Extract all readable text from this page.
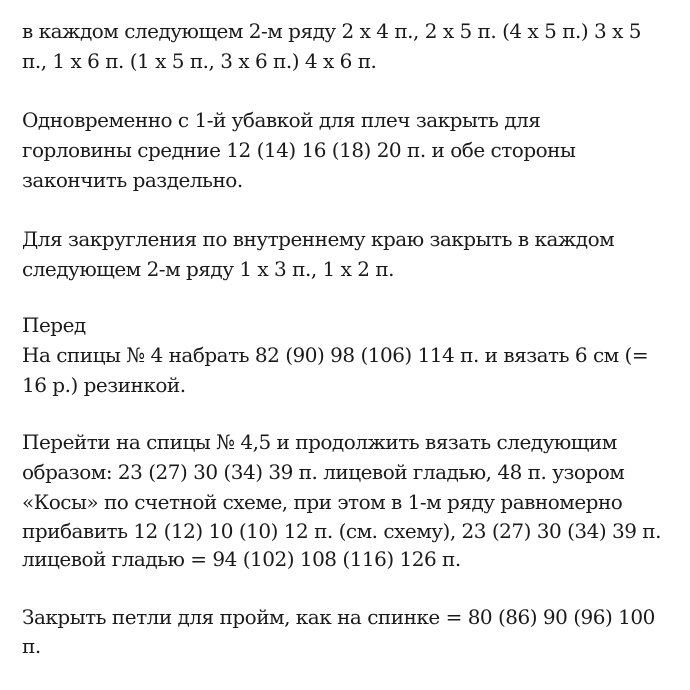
в каждом следующем 2-м ряду 2 х 4 п., 2 х 5 п. (4 х 5 п.) 3 х 5
п., 1 х 6 п. (1 х 5 п., 3 х 6 п.) 4 х 6 п.
Одновременно с 1-й убавкой для плеч закрыть для
горловины средние 12 (14) 16 (18) 20 п. и обе стороны
закончить раздельно.
Для закругления по внутреннему краю закрыть в каждом
следующем 2-м ряду 1 х 3 п., 1 х 2 п.
Перед
На спицы № 4 набрать 82 (90) 98 (106) 114 п. и вязать 6 см (=
16 р.) резинкой.
Перейти на спицы № 4,5 и продолжить вязать следующим
образом: 23 (27) 30 (34) 39 п. лицевой гладью, 48 п. узором
«Косы» по счетной схеме, при этом в 1-м ряду равномерно
прибавить 12 (12) 10 (10) 12 п. (см. схему), 23 (27) 30 (34) 39 п.
лицевой гладью = 94 (102) 108 (116) 126 п.
Закрыть петли для пройм, как на спинке = 80 (86) 90 (96) 100
п.
